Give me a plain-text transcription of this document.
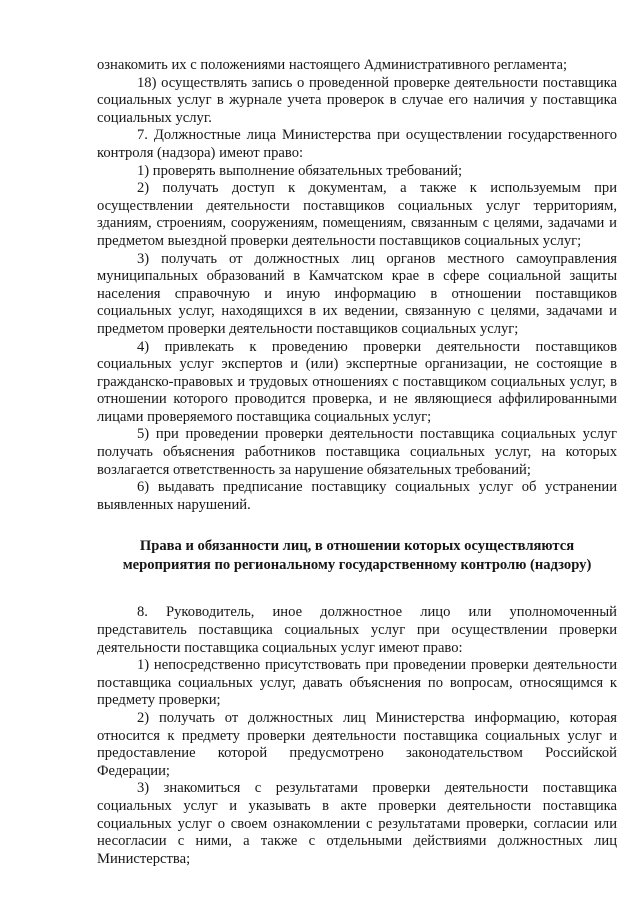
ознакомить их с положениями настоящего Административного регламента;

18) осуществлять запись о проведенной проверке деятельности поставщика социальных услуг в журнале учета проверок в случае его наличия у поставщика социальных услуг.

7. Должностные лица Министерства при осуществлении государственного контроля (надзора) имеют право:

1) проверять выполнение обязательных требований;

2) получать доступ к документам, а также к используемым при осуществлении деятельности поставщиков социальных услуг территориям, зданиям, строениям, сооружениям, помещениям, связанным с целями, задачами и предметом выездной проверки деятельности поставщиков социальных услуг;

3) получать от должностных лиц органов местного самоуправления муниципальных образований в Камчатском крае в сфере социальной защиты населения справочную и иную информацию в отношении поставщиков социальных услуг, находящихся в их ведении, связанную с целями, задачами и предметом проверки деятельности поставщиков социальных услуг;

4) привлекать к проведению проверки деятельности поставщиков социальных услуг экспертов и (или) экспертные организации, не состоящие в гражданско-правовых и трудовых отношениях с поставщиком социальных услуг, в отношении которого проводится проверка, и не являющиеся аффилированными лицами проверяемого поставщика социальных услуг;

5) при проведении проверки деятельности поставщика социальных услуг получать объяснения работников поставщика социальных услуг, на которых возлагается ответственность за нарушение обязательных требований;

6) выдавать предписание поставщику социальных услуг об устранении выявленных нарушений.

Права и обязанности лиц, в отношении которых осуществляются мероприятия по региональному государственному контролю (надзору)

8. Руководитель, иное должностное лицо или уполномоченный представитель поставщика социальных услуг при осуществлении проверки деятельности поставщика социальных услуг имеют право:

1) непосредственно присутствовать при проведении проверки деятельности поставщика социальных услуг, давать объяснения по вопросам, относящимся к предмету проверки;

2) получать от должностных лиц Министерства информацию, которая относится к предмету проверки деятельности поставщика социальных услуг и предоставление которой предусмотрено законодательством Российской Федерации;

3) знакомиться с результатами проверки деятельности поставщика социальных услуг и указывать в акте проверки деятельности поставщика социальных услуг о своем ознакомлении с результатами проверки, согласии или несогласии с ними, а также с отдельными действиями должностных лиц Министерства;
